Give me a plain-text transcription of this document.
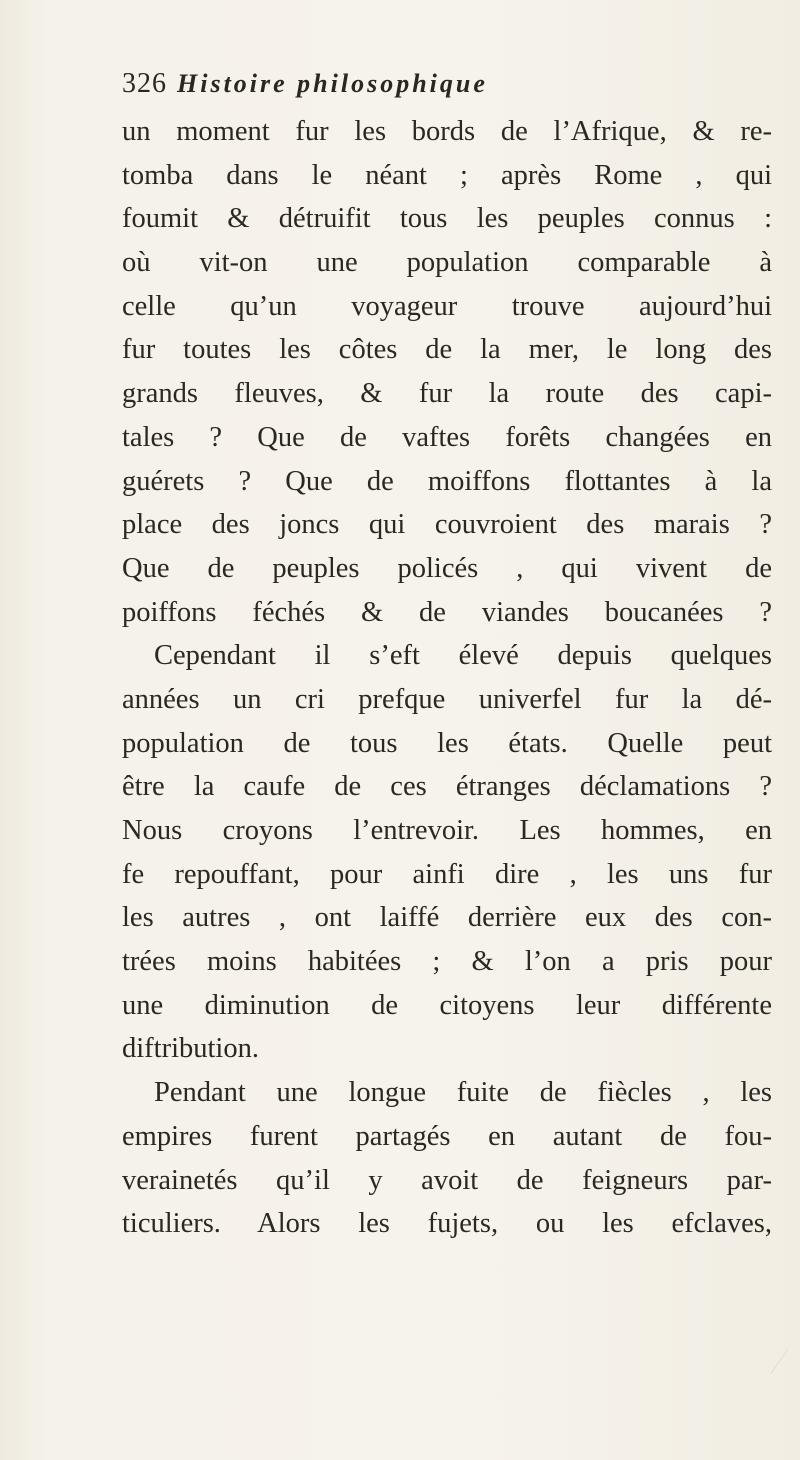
326 Histoire philosophique
un moment fur les bords de l’Afrique, & re-
tomba dans le néant ; après Rome , qui
foumit & détruifit tous les peuples connus :
où vit-on une population comparable à
celle qu’un voyageur trouve aujourd’hui
fur toutes les côtes de la mer, le long des
grands fleuves, & fur la route des capi-
tales ? Que de vaftes forêts changées en
guérets ? Que de moiffons flottantes à la
place des joncs qui couvroient des marais ?
Que de peuples policés , qui vivent de
poiffons féchés & de viandes boucanées ?
Cependant il s’eft élevé depuis quelques
années un cri prefque univerfel fur la dé-
population de tous les états. Quelle peut
être la caufe de ces étranges déclamations ?
Nous croyons l’entrevoir. Les hommes, en
fe repouffant, pour ainfi dire , les uns fur
les autres , ont laiffé derrière eux des con-
trées moins habitées ; & l’on a pris pour
une diminution de citoyens leur différente
diftribution.
Pendant une longue fuite de fiècles , les
empires furent partagés en autant de fou-
verainetés qu’il y avoit de feigneurs par-
ticuliers. Alors les fujets, ou les efclaves,
